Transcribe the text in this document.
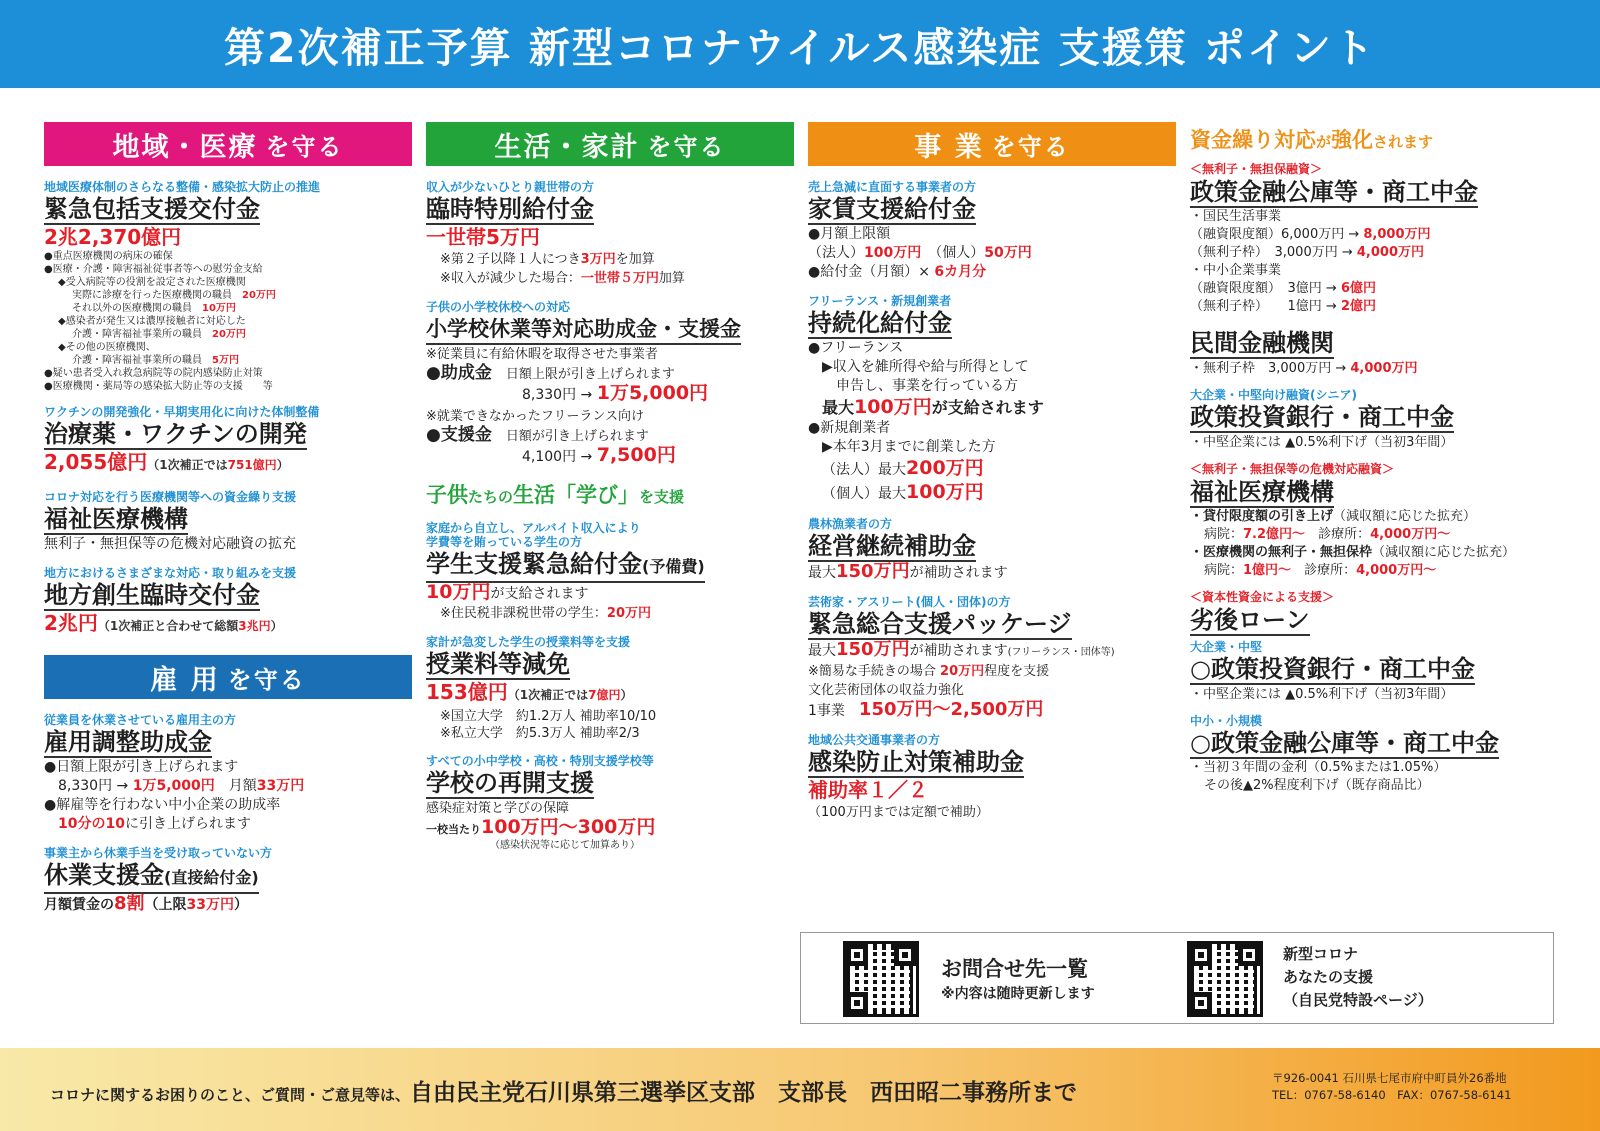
第2次補正予算 新型コロナウイルス感染症 支援策 ポイント
地域・医療 を守る
地域医療体制のさらなる整備・感染拡大防止の推進
緊急包括支援交付金
2兆2,370億円
●重点医療機関の病床の確保
●医療・介護・障害福祉従事者等への慰労金支給
◆受入病院等の役割を設定された医療機関
実際に診療を行った医療機関の職員　 20万円
それ以外の医療機関の職員　 10万円
◆感染者が発生又は濃厚接触者に対応した
介護・障害福祉事業所の職員　 20万円
◆その他の医療機関、
介護・障害福祉事業所の職員　 5万円
●疑い患者受入れ救急病院等の院内感染防止対策
●医療機関・薬局等の感染拡大防止等の支援　　等
ワクチンの開発強化・早期実用化に向けた体制整備
治療薬・ワクチンの開発
2,055億円（1次補正では751億円）
コロナ対応を行う医療機関等への資金繰り支援
福祉医療機構
無利子・無担保等の危機対応融資の拡充
地方におけるさまざまな対応・取り組みを支援
地方創生臨時交付金
2兆円（1次補正と合わせて総額3兆円）
雇 用 を守る
従業員を休業させている雇用主の方
雇用調整助成金
●日額上限が引き上げられます
8,330円 → 1万5,000円　月額33万円
●解雇等を行わない中小企業の助成率
10分の10に引き上げられます
事業主から休業手当を受け取っていない方
休業支援金(直接給付金)
月額賃金の8割（上限33万円）
生活・家計 を守る
収入が少ないひとり親世帯の方
臨時特別給付金
一世帯5万円
※第２子以降１人につき3万円を加算
※収入が減少した場合：一世帯５万円加算
子供の小学校休校への対応
小学校休業等対応助成金・支援金
※従業員に有給休暇を取得させた事業者
●助成金　 日額上限が引き上げられます
8,330円 → 1万5,000円
※就業できなかったフリーランス向け
●支援金　 日額が引き上げられます
4,100円 → 7,500円
子供たちの生活「学び」を支援
家庭から自立し、アルバイト収入により
学費等を賄っている学生の方
学生支援緊急給付金(予備費)
10万円が支給されます
※住民税非課税世帯の学生：20万円
家計が急変した学生の授業料等を支援
授業料等減免
153億円（1次補正では7億円）
※国立大学　約1.2万人 補助率10/10
※私立大学　約5.3万人 補助率2/3
すべての小中学校・高校・特別支援学校等
学校の再開支援
感染症対策と学びの保障
一校当たり100万円〜300万円
（感染状況等に応じて加算あり）
事 業 を守る
売上急減に直面する事業者の方
家賃支援給付金
●月額上限額
（法人）100万円　（個人）50万円
●給付金（月額）× 6カ月分
フリーランス・新規創業者
持続化給付金
●フリーランス
▶収入を雑所得や給与所得として
申告し、事業を行っている方
最大100万円が支給されます
●新規創業者
▶本年3月までに創業した方
（法人）最大200万円
（個人）最大100万円
農林漁業者の方
経営継続補助金
最大150万円が補助されます
芸術家・アスリート(個人・団体)の方
緊急総合支援パッケージ
最大150万円が補助されます(フリーランス・団体等)
※簡易な手続きの場合 20万円程度を支援
文化芸術団体の収益力強化
1事業　 150万円〜2,500万円
地域公共交通事業者の方
感染防止対策補助金
補助率１／２
（100万円までは定額で補助）
資金繰り対応が強化されます
＜無利子・無担保融資＞
政策金融公庫等・商工中金
・国民生活事業
（融資限度額）6,000万円 → 8,000万円
（無利子枠）　3,000万円 → 4,000万円
・中小企業事業
（融資限度額）　3億円 → 6億円
（無利子枠）　　1億円 → 2億円
民間金融機関
・無利子枠　3,000万円 → 4,000万円
大企業・中堅向け融資(シニア)
政策投資銀行・商工中金
・中堅企業には ▲0.5%利下げ（当初3年間）
＜無利子・無担保等の危機対応融資＞
福祉医療機構
・貸付限度額の引き上げ（減収額に応じた拡充）
病院：7.2億円〜　 診療所：4,000万円〜
・医療機関の無利子・無担保枠（減収額に応じた拡充）
病院：1億円〜　 診療所：4,000万円〜
＜資本性資金による支援＞
劣後ローン
大企業・中堅
○政策投資銀行・商工中金
・中堅企業には ▲0.5%利下げ（当初3年間）
中小・小規模
○政策金融公庫等・商工中金
・当初３年間の金利（0.5%または1.05%）
その後▲2%程度利下げ（既存商品比）
お問合せ先一覧
※内容は随時更新します
新型コロナ
あなたの支援
（自民党特設ページ）
コロナに関するお困りのこと、ご質問・ご意見等は、自由民主党石川県第三選挙区支部　支部長　西田昭二事務所まで
〒926-0041 石川県七尾市府中町員外26番地
TEL：0767-58-6140　FAX：0767-58-6141
